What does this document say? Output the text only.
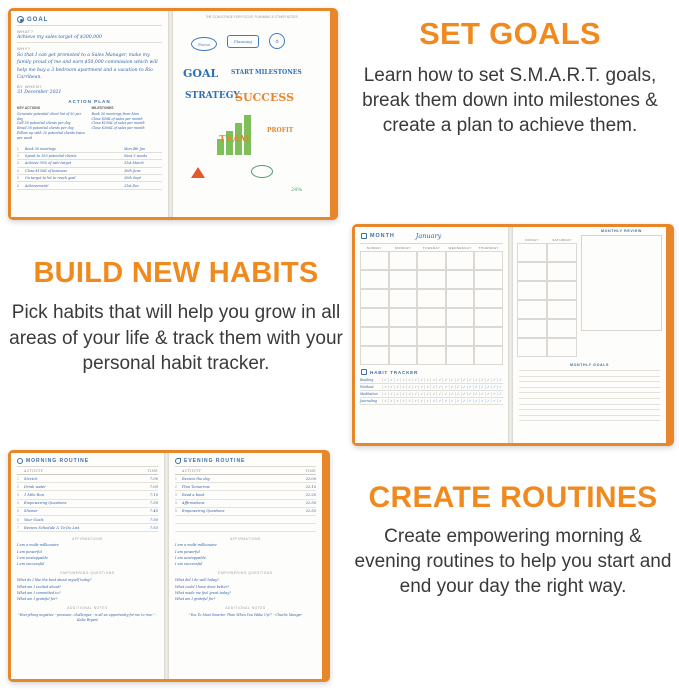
GOAL
WHAT?
Achieve my sales target of $300,000
WHY?
So that I can get promoted to a Sales Manager, make my family proud of me and earn $50,000 commission which will help me buy a 3 bedroom apartment and a vacation to Rio Carribean.
BY WHEN?
31 December 2021
ACTION PLAN
KEY ACTIONS
Generate potential client list of 50 per day
Call 50 potential clients per day
Email 50 potential clients per day
Follow up with 20 potential clients twice per week
MILESTONES
Book 50 meetings from Mon
Close $50K of sales per month
Close $150K of sales per month
Close $300K of sales per month
1	Book 50 meetings	Mon 4th Jan
2	Speak to 150 potential clients	Next 3 weeks
3	Achieve 50% of sale target	31st March
4	Close $150K of business	30th June
5	On target to hit to reach goal	30th Sept
6	Achievement!	31st Dec
THE GOALS PAGE FOR FOCUS, PLANNING & OTHER NOTES
Focus	Planning	⏱
GOAL START MILESTONES
STRATEGY
SUCCESS
TEAM
PROFIT
24%
SET GOALS
Learn how to set S.M.A.R.T. goals, break them down into milestones & create a plan to achieve them.
BUILD NEW HABITS
Pick habits that will help you grow in all areas of your life & track them with your personal habit tracker.
MONTH	January
SUNDAY	MONDAY	TUESDAY	WEDNESDAY	THURSDAY
HABIT TRACKER
Reading	✓ ✓ ✓ ✓ ✓ ✓ ✓ ✓ ✓ ✓ ✓ ✓ ✓ ✓ ✓ ✓ ✓ ✓ ✓ ✓
Workout	✓ ✓ ✓ ✓ ✓ ✓ ✓ ✓ ✓ ✓ ✓ ✓ ✓ ✓ ✓ ✓ ✓ ✓ ✓ ✓
Meditation	✓ ✓ ✓ ✓ ✓ ✓ ✓ ✓ ✓ ✓ ✓ ✓ ✓ ✓ ✓ ✓ ✓ ✓ ✓ ✓
Journaling	✓ ✓ ✓ ✓ ✓ ✓ ✓ ✓ ✓ ✓ ✓ ✓ ✓ ✓ ✓ ✓ ✓ ✓ ✓ ✓
FRIDAY	SATURDAY
MONTHLY REVIEW
MONTHLY GOALS
MORNING ROUTINE
ACTIVITY	TIME
1	Stretch	7:00
2	Drink water	7:05
3	1 Mile Run	7:10
4	Empowering Questions	7:30
5	Shower	7:40
6	Your Goals	7:50
7	Review Schedule & To-Do List	7:55
AFFIRMATIONS
I am a multi-millionaire
I am powerful
I am unstoppable
I am successful
EMPOWERING QUESTIONS
What do I like the best about myself today?
What am I excited about?
What am I committed to?
What am I grateful for?
ADDITIONAL NOTES
"Everything negative - pressure, challenges - is all an opportunity for me to rise." - Kobe Bryant
EVENING ROUTINE
ACTIVITY	TIME
1	Review the day	22:00
2	Plan Tomorrow	22:10
3	Read a book	22:20
4	Affirmations	22:50
5	Empowering Questions	22:55

AFFIRMATIONS
I am a multi-millionaire
I am powerful
I am unstoppable
I am successful
EMPOWERING QUESTIONS
What did I do well today?
What could I have done better?
What made me feel great today?
What am I grateful for?
ADDITIONAL NOTES
"You To Most Smarter Than When You Wake Up?" - Charlie Munger
CREATE ROUTINES
Create empowering morning & evening routines to help you start and end your day the right way.
